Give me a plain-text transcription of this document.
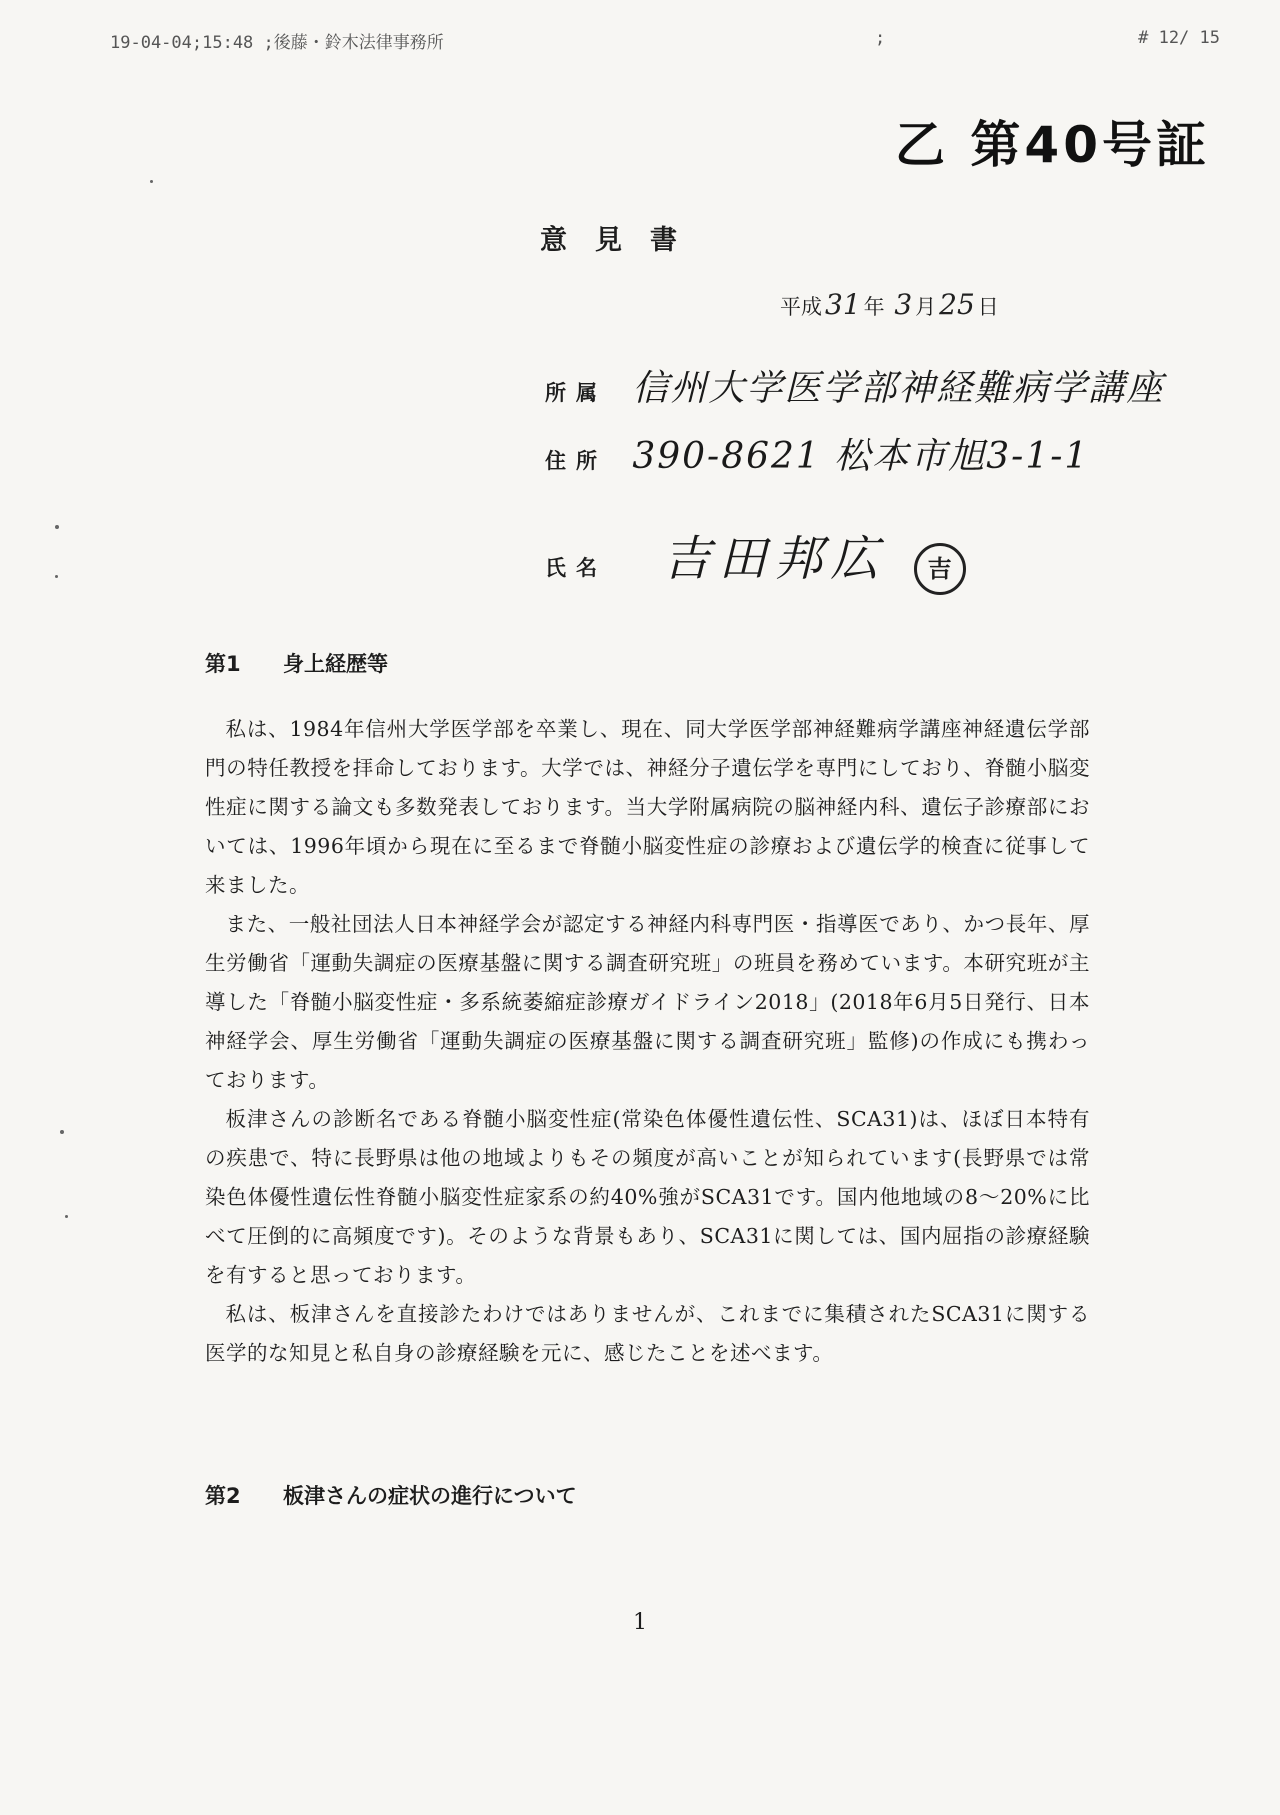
19-04-04;15:48 ;後藤・鈴木法律事務所	;	# 12/ 15
乙 第40号証
意見書
平成 31 年 3 月 25 日
所属 信州大学医学部神経難病学講座
住所 390-8621 松本市旭3-1-1
氏名 吉田邦広 吉
第1 身上経歴等

私は、1984年信州大学医学部を卒業し、現在、同大学医学部神経難病学講座神経遺伝学部門の特任教授を拝命しております。大学では、神経分子遺伝学を専門にしており、脊髄小脳変性症に関する論文も多数発表しております。当大学附属病院の脳神経内科、遺伝子診療部においては、1996年頃から現在に至るまで脊髄小脳変性症の診療および遺伝学的検査に従事して来ました。

また、一般社団法人日本神経学会が認定する神経内科専門医・指導医であり、かつ長年、厚生労働省「運動失調症の医療基盤に関する調査研究班」の班員を務めています。本研究班が主導した「脊髄小脳変性症・多系統萎縮症診療ガイドライン2018」(2018年6月5日発行、日本神経学会、厚生労働省「運動失調症の医療基盤に関する調査研究班」監修)の作成にも携わっております。

板津さんの診断名である脊髄小脳変性症(常染色体優性遺伝性、SCA31)は、ほぼ日本特有の疾患で、特に長野県は他の地域よりもその頻度が高いことが知られています(長野県では常染色体優性遺伝性脊髄小脳変性症家系の約40%強がSCA31です。国内他地域の8〜20%に比べて圧倒的に高頻度です)。そのような背景もあり、SCA31に関しては、国内屈指の診療経験を有すると思っております。

私は、板津さんを直接診たわけではありませんが、これまでに集積されたSCA31に関する医学的な知見と私自身の診療経験を元に、感じたことを述べます。

第2 板津さんの症状の進行について
1
